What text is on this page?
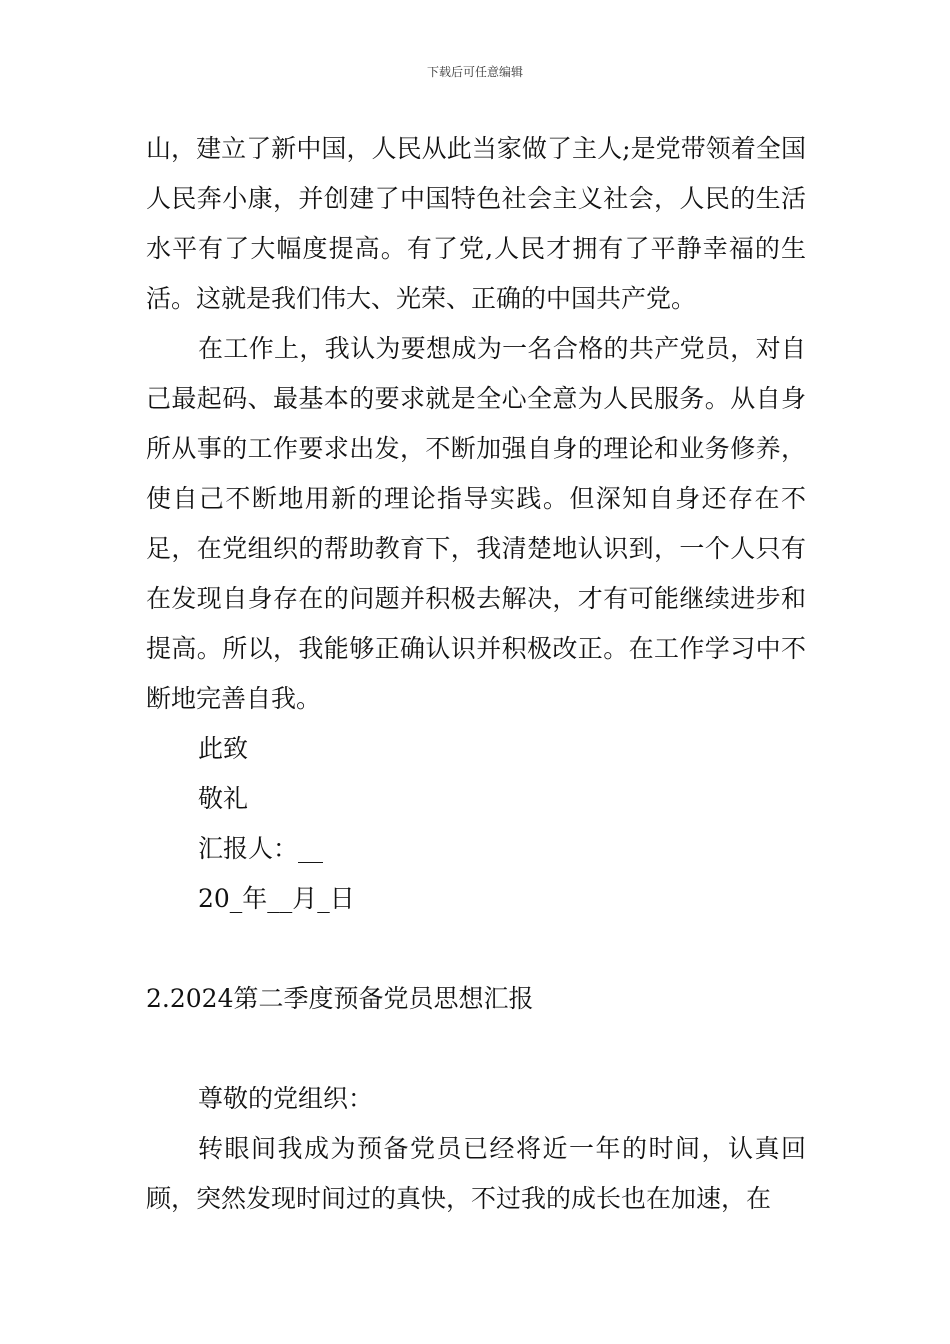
下载后可任意编辑

山，建立了新中国，人民从此当家做了主人;是党带领着全国人民奔小康，并创建了中国特色社会主义社会，人民的生活水平有了大幅度提高。有了党,人民才拥有了平静幸福的生活。这就是我们伟大、光荣、正确的中国共产党。

在工作上，我认为要想成为一名合格的共产党员，对自己最起码、最基本的要求就是全心全意为人民服务。从自身所从事的工作要求出发，不断加强自身的理论和业务修养，使自己不断地用新的理论指导实践。但深知自身还存在不足，在党组织的帮助教育下，我清楚地认识到，一个人只有在发现自身存在的问题并积极去解决，才有可能继续进步和提高。所以，我能够正确认识并积极改正。在工作学习中不断地完善自我。

此致

敬礼

汇报人：__

20_年__月_日

2.2024第二季度预备党员思想汇报

尊敬的党组织：

转眼间我成为预备党员已经将近一年的时间，认真回顾，突然发现时间过的真快，不过我的成长也在加速，在
